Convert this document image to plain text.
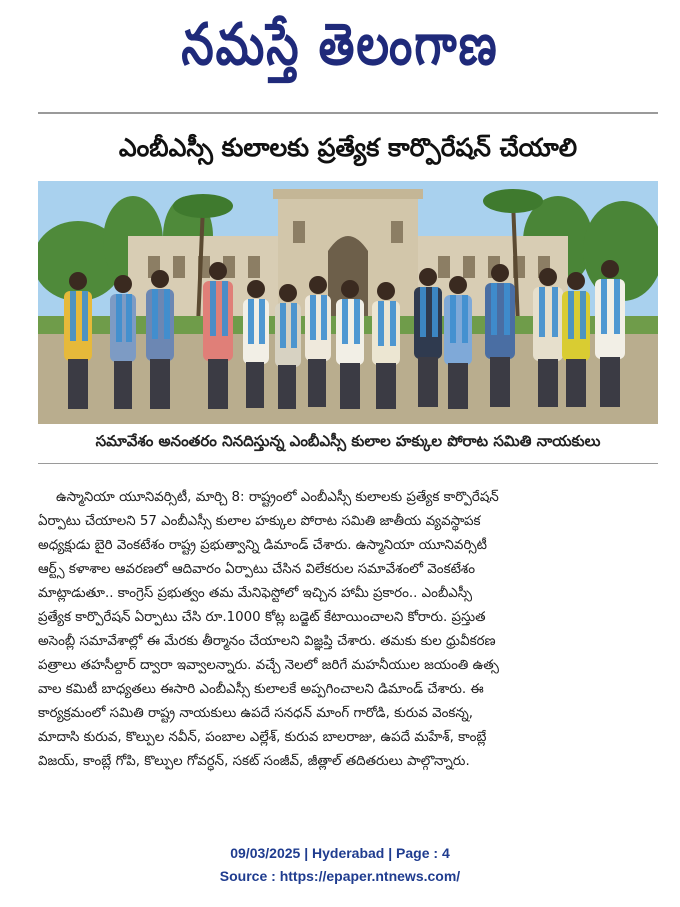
నమస్తే తెలంగాణ
ఎంబీఎస్సీ కులాలకు ప్రత్యేక కార్పొరేషన్ చేయాలి

సమావేశం అనంతరం నినదిస్తున్న ఎంబీఎస్సీ కులాల హక్కుల పోరాట సమితి నాయకులు

ఉస్మానియా యూనివర్సిటీ, మార్చి 8: రాష్ట్రంలో ఎంబీఎస్సీ కులాలకు ప్రత్యేక కార్పొరేషన్
ఏర్పాటు చేయాలని 57 ఎంబీఎస్సీ కులాల హక్కుల పోరాట సమితి జాతీయ వ్యవస్థాపక
అధ్యక్షుడు బైరి వెంకటేశం రాష్ట్ర ప్రభుత్వాన్ని డిమాండ్ చేశారు. ఉస్మానియా యూనివర్సిటీ
ఆర్ట్స్ కళాశాల ఆవరణలో ఆదివారం ఏర్పాటు చేసిన విలేకరుల సమావేశంలో వెంకటేశం
మాట్లాడుతూ.. కాంగ్రెస్ ప్రభుత్వం తమ మేనిఫెస్టోలో ఇచ్చిన హామీ ప్రకారం.. ఎంబీఎస్సీ
ప్రత్యేక కార్పొరేషన్ ఏర్పాటు చేసి రూ.1000 కోట్ల బడ్జెట్ కేటాయించాలని కోరారు. ప్రస్తుత
అసెంబ్లీ సమావేశాల్లో ఈ మేరకు తీర్మానం చేయాలని విజ్ఞప్తి చేశారు. తమకు కుల ధ్రువీకరణ
పత్రాలు తహసీల్దార్ ద్వారా ఇవ్వాలన్నారు. వచ్చే నెలలో జరిగే మహనీయుల జయంతి ఉత్స
వాల కమిటీ బాధ్యతలు ఈసారి ఎంబీఎస్సీ కులాలకే అప్పగించాలని డిమాండ్ చేశారు. ఈ
కార్యక్రమంలో సమితి రాష్ట్ర నాయకులు ఉపదే సనధన్ మాంగ్ గారోడి, కురువ వెంకన్న,
మాదాసి కురువ, కొల్పుల నవీన్, పంబాల ఎల్లేశ్, కురువ బాలరాజు, ఉపదే మహేశ్, కాంబ్లే
విజయ్, కాంబ్లే గోపి, కొల్పుల గోవర్ధన్, సకట్ సంజీవ్, జీత్లాల్ తదితరులు పాల్గొన్నారు.
09/03/2025 | Hyderabad | Page : 4
Source : https://epaper.ntnews.com/
